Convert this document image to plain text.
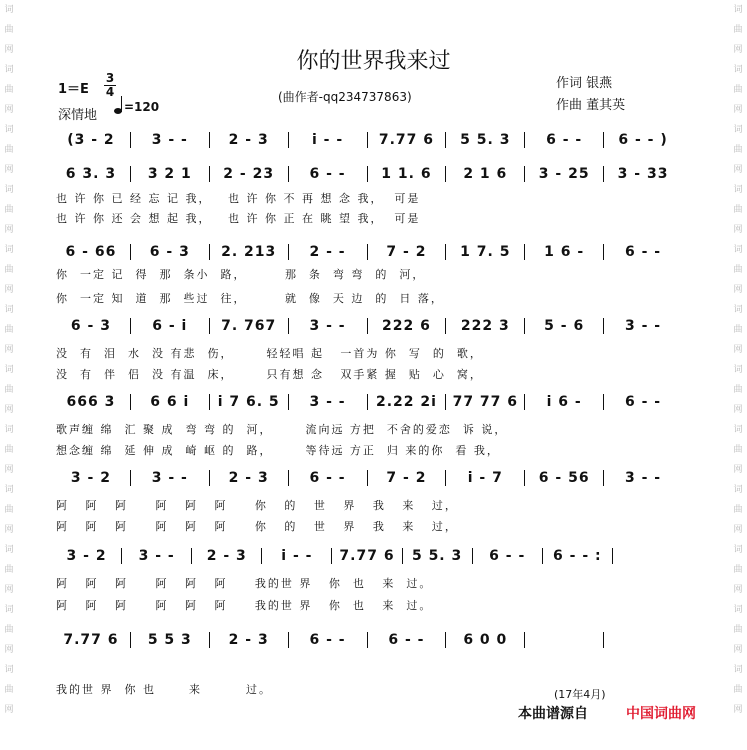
词
曲
网
词
曲
网
词
曲
网
词
曲
网
词
曲
网
词
曲
网
词
曲
网
词
曲
网
词
曲
网
词
曲
网
词
曲
网
词
曲
网
词
曲
网
词
曲
网
词
曲
网
词
曲
网
词
曲
网
词
曲
网
词
曲
网
词
曲
网
词
曲
网
词
曲
网
词
曲
网
词
曲
网
你的世界我来过
(曲作者-qq234737863)
作词 银燕
作曲 董其英
$1=E \frac{3}{4}$
深情地
=120
(3 - 2	3 - -	2 - 3	i - -	7.77 6	5 5. 3	6 - -	6 - - )
6 3. 3	3 2 1	2 - 23	6 - -	1 1. 6	2 1 6	3 - 25	3 - 33
也 许 你 已 经 忘 记 我，   也 许 你 不 再 想 念 我，  可是
也 许 你 还 会 想 起 我，   也 许 你 正 在 眺 望 我，  可是
6 - 66	6 - 3	2. 213	2 - -	7 - 2	1 7. 5	1 6 -	6 - -
你  一定 记  得  那  条小  路，       那  条  弯 弯  的  河，
你  一定 知  道  那  些过  往，       就  像  天 边  的  日 落，
6 - 3	6 - i	7. 767	3 - -	222 6	222 3	5 - 6	3 - -
没  有  泪  水  没 有悲  伤，      轻轻唱 起   一首为 你  写  的  歌，
没  有  伴  侣  没 有温  床，      只有想 念   双手紧 握  贴  心  窝，
666 3	6 6 i	i 7 6. 5	3 - -	2.22 2i	77 77 6	i 6 -	6 - -
歌声缠 绵  汇 聚 成  弯 弯 的  河，      流向远 方把  不舍的爱恋  诉 说，
想念缠 绵  延 伸 成  崎 岖 的  路，      等待远 方正  归 来的你  看 我，
3 - 2	3 - -	2 - 3	6 - -	7 - 2	i - 7	6 - 56	3 - -
阿   阿   阿     阿   阿   阿     你   的   世   界   我   来   过，
阿   阿   阿     阿   阿   阿     你   的   世   界   我   来   过，
3 - 2	3 - -	2 - 3	i - -	7.77 6	5 5. 3	6 - -	6 - - :
阿   阿   阿     阿   阿   阿     我的世 界   你  也   来  过。
阿   阿   阿     阿   阿   阿     我的世 界   你  也   来  过。
7.77 6	5 5 3	2 - 3	6 - -	6 - -	6 0 0
我的世 界  你 也      来        过。	(17年4月)
本曲谱源自	中国词曲网
